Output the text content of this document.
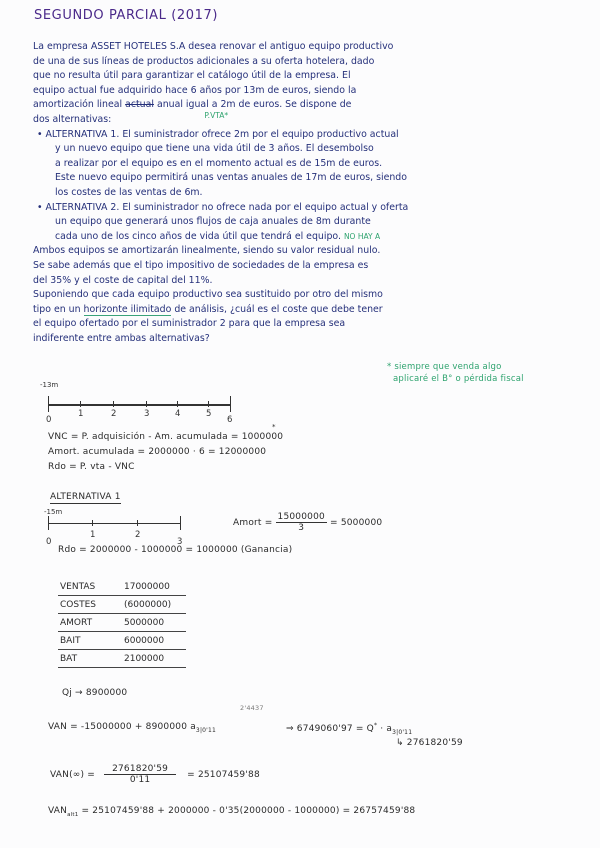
SEGUNDO PARCIAL (2017)
La empresa ASSET HOTELES S.A desea renovar el antiguo equipo productivo
de una de sus líneas de productos adicionales a su oferta hotelera, dado
que no resulta útil para garantizar el catálogo útil de la empresa. El
equipo actual fue adquirido hace 6 años por 13m de euros, siendo la
amortización lineal actual anual igual a 2m de euros. Se dispone de
dos alternativas:	$^{P.VTA*}$
• ALTERNATIVA 1. El suministrador ofrece 2m por el equipo productivo actual
y un nuevo equipo que tiene una vida útil de 3 años. El desembolso
a realizar por el equipo es en el momento actual es de 15m de euros.
Este nuevo equipo permitirá unas ventas anuales de 17m de euros, siendo
los costes de las ventas de 6m.
• ALTERNATIVA 2. El suministrador no ofrece nada por el equipo actual y oferta
un equipo que generará unos flujos de caja anuales de 8m durante
cada uno de los cinco años de vida útil que tendrá el equipo. NO HAY A
Ambos equipos se amortizarán linealmente, siendo su valor residual nulo.
Se sabe además que el tipo impositivo de sociedades de la empresa es
del 35% y el coste de capital del 11%.
Suponiendo que cada equipo productivo sea sustituido por otro del mismo
tipo en un horizonte ilimitado de análisis, ¿cuál es el coste que debe tener
el equipo ofertado por el suministrador 2 para que la empresa sea
indiferente entre ambas alternativas?
* siempre que venda algo
aplicaré el B° o pérdida fiscal
-13m
0
1	2	3	4	5
6
VNC = P. adquisición - Am. acumulada = 1000000
*
Amort. acumulada = 2000000 · 6 = 12000000
Rdo = P. vta - VNC
ALTERNATIVA 1
-15m
0
1	2
3
Amort = $\frac{15000000}{3} = 5000000$
Rdo = 2000000 - 1000000 = 1000000 (Ganancia)
VENTAS	17000000
COSTES	(6000000)
AMORT	5000000
BAIT	6000000
BAT	2100000
Qj → 8900000
2'4437
VAN = -15000000 + 8900000 $a_{3|0'11}$	⇒ $6749060'97 = Q^* \cdot a_{3|0'11}$
↳ 2761820'59
$VAN(\infty) = \frac{2761820'59}{0'11} = 25107459'88$
$VAN_{alt1} = 25107459'88 + 2000000 - 0'35(2000000 - 1000000) = 26757459'88$
